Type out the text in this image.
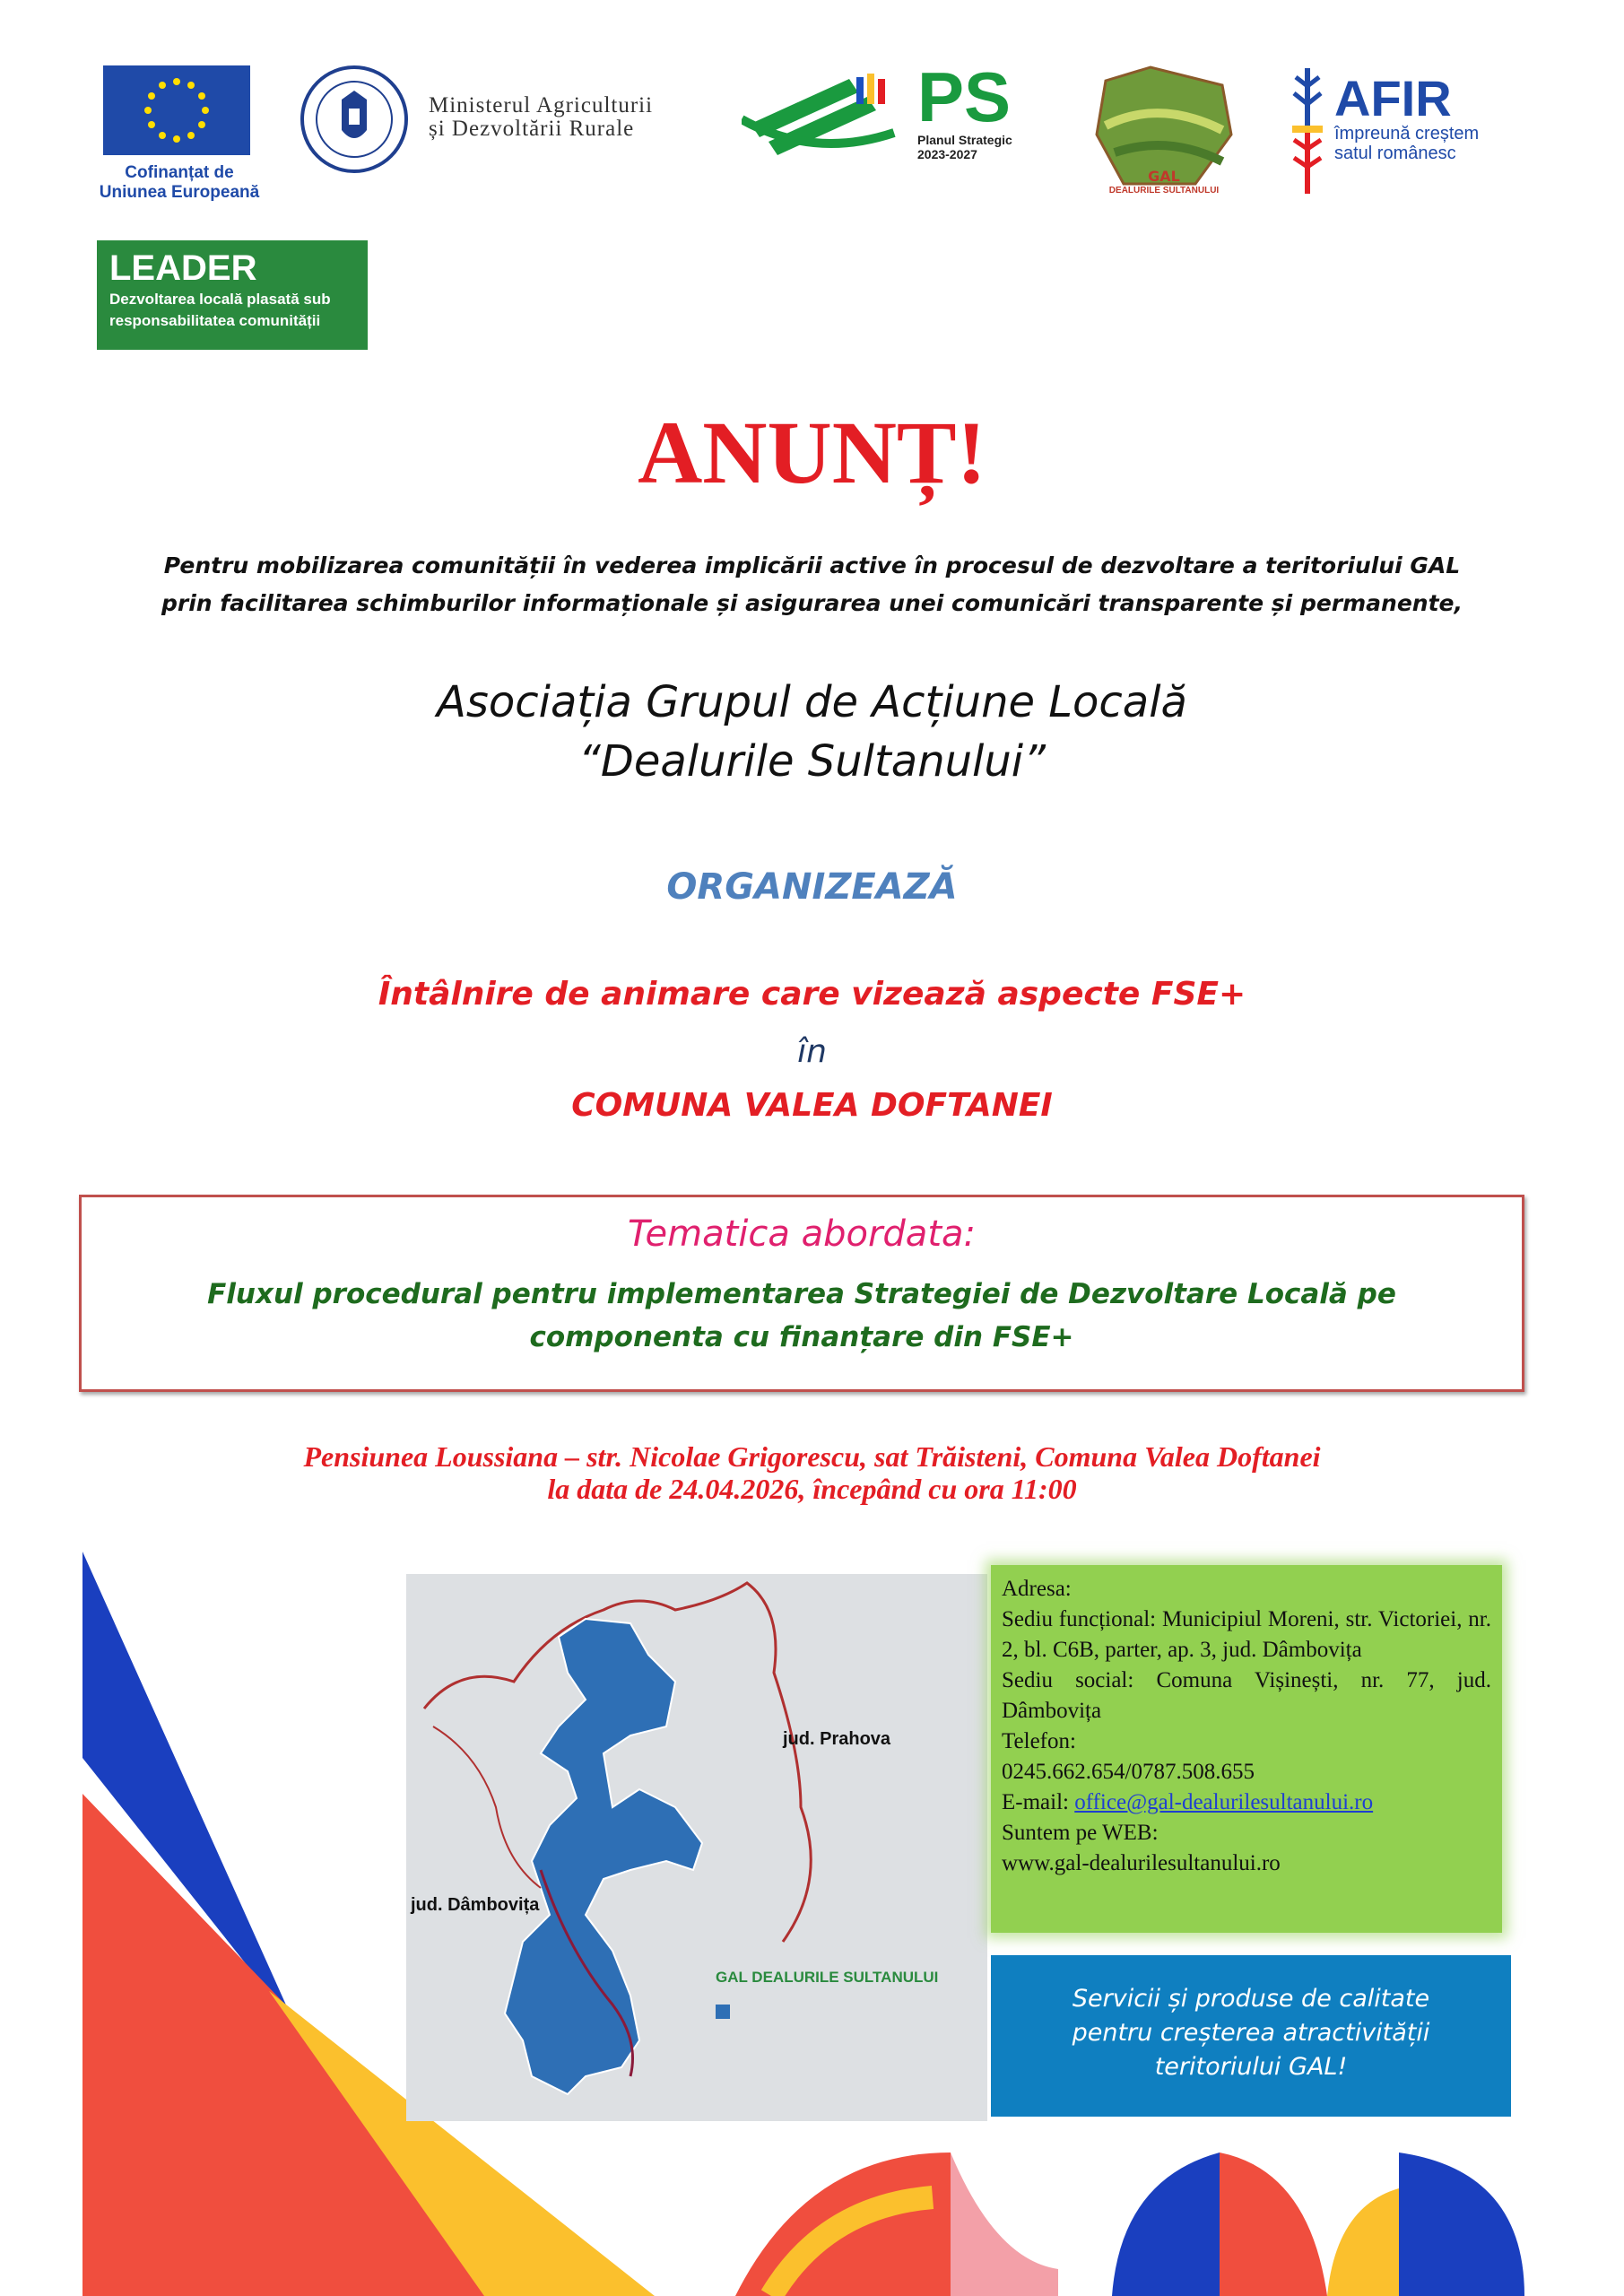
Cofinanțat de
Uniunea Europeană
Ministerul Agriculturii
și Dezvoltării Rurale	PS
Planul Strategic
2023-2027
GAL
DEALURILE SULTANULUI
AFIR
împreună creștem
satul românesc
LEADER
Dezvoltarea locală plasată sub
responsabilitatea comunității
ANUNȚ!
Pentru mobilizarea comunității în vederea implicării active în procesul de dezvoltare a teritoriului GAL
prin facilitarea schimburilor informaționale și asigurarea unei comunicări transparente și permanente,
Asociația Grupul de Acțiune Locală
“Dealurile Sultanului”
ORGANIZEAZĂ
Întâlnire de animare care vizează aspecte FSE+
în
COMUNA VALEA DOFTANEI
Tematica abordata:
Fluxul procedural pentru implementarea Strategiei de Dezvoltare Locală pe componenta cu finanțare din FSE+
Pensiunea Loussiana – str. Nicolae Grigorescu, sat Trăisteni, Comuna Valea Doftanei
la data de 24.04.2026, începând cu ora 11:00
jud. Prahova
jud. Dâmbovița
GAL DEALURILE SULTANULUI
Adresa:
Sediu funcțional: Municipiul Moreni, str. Victoriei, nr. 2, bl. C6B, parter, ap. 3, jud. Dâmbovița
Sediu social: Comuna Vișinești, nr. 77, jud. Dâmbovița
Telefon:
0245.662.654/0787.508.655
E-mail: office@gal-dealurilesultanului.ro
Suntem pe WEB:
www.gal-dealurilesultanului.ro
Servicii și produse de calitate
pentru creșterea atractivității
teritoriului GAL!
